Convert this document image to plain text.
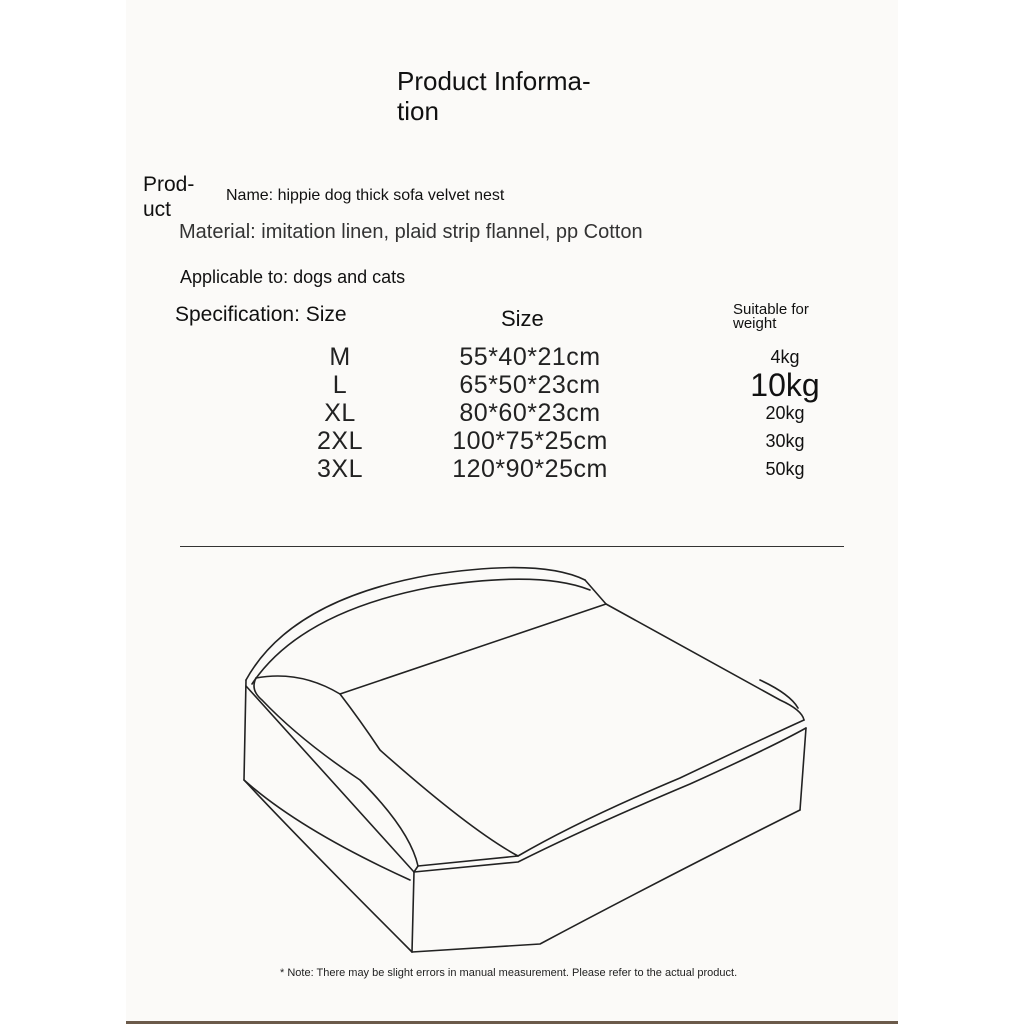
Product Informa-
tion
Prod-
uct
Name: hippie dog thick sofa velvet nest
Material: imitation linen, plaid strip flannel, pp Cotton
Applicable to: dogs and cats
Specification: Size	Size	Suitable for weight
M	55*40*21cm	4kg
L	65*50*23cm	10kg
XL	80*60*23cm	20kg
2XL	100*75*25cm	30kg
3XL	120*90*25cm	50kg
* Note: There may be slight errors in manual measurement. Please refer to the actual product.
